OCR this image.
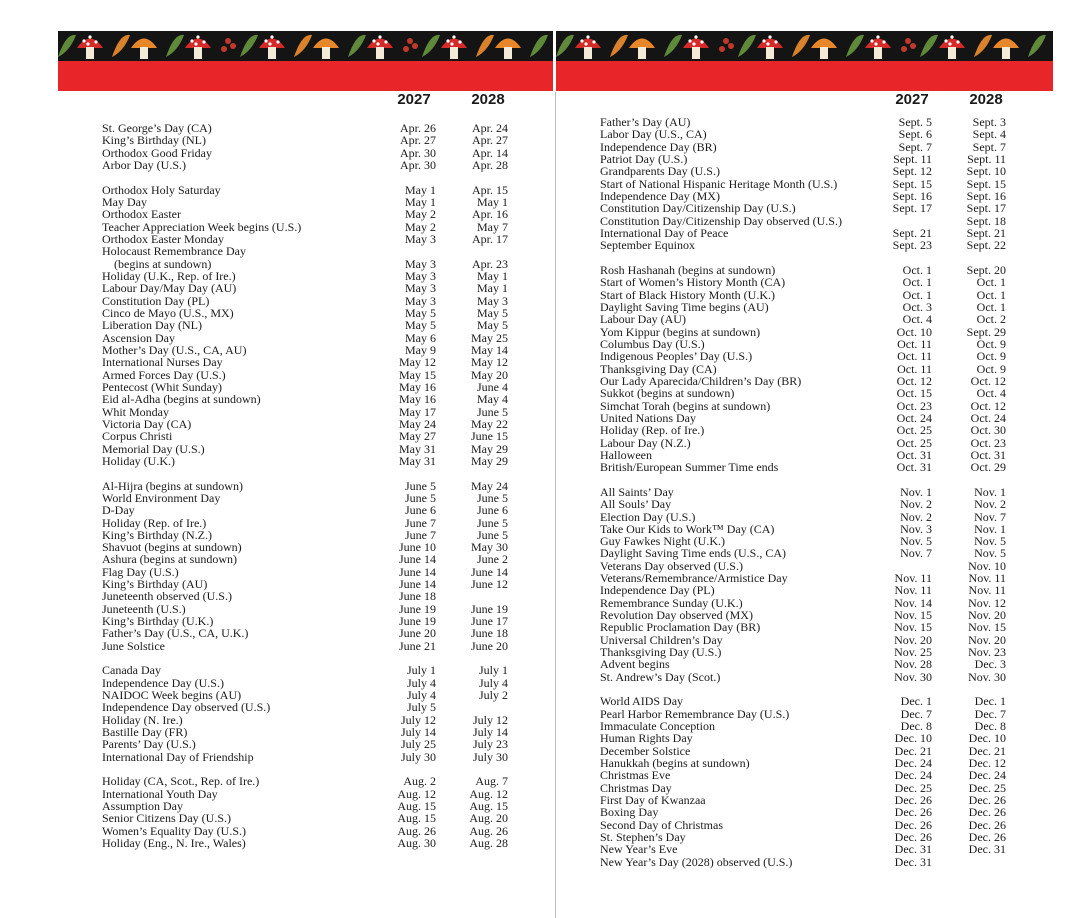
2027	2028
St. George’s Day (CA)	Apr. 26	Apr. 24
King’s Birthday (NL)	Apr. 27	Apr. 27
Orthodox Good Friday	Apr. 30	Apr. 14
Arbor Day (U.S.)	Apr. 30	Apr. 28
Orthodox Holy Saturday	May 1	Apr. 15
May Day	May 1	May 1
Orthodox Easter	May 2	Apr. 16
Teacher Appreciation Week begins (U.S.)	May 2	May 7
Orthodox Easter Monday	May 3	Apr. 17
Holocaust Remembrance Day
(begins at sundown)	May 3	Apr. 23
Holiday (U.K., Rep. of Ire.)	May 3	May 1
Labour Day/May Day (AU)	May 3	May 1
Constitution Day (PL)	May 3	May 3
Cinco de Mayo (U.S., MX)	May 5	May 5
Liberation Day (NL)	May 5	May 5
Ascension Day	May 6	May 25
Mother’s Day (U.S., CA, AU)	May 9	May 14
International Nurses Day	May 12	May 12
Armed Forces Day (U.S.)	May 15	May 20
Pentecost (Whit Sunday)	May 16	June 4
Eid al-Adha (begins at sundown)	May 16	May 4
Whit Monday	May 17	June 5
Victoria Day (CA)	May 24	May 22
Corpus Christi	May 27	June 15
Memorial Day (U.S.)	May 31	May 29
Holiday (U.K.)	May 31	May 29
Al-Hijra (begins at sundown)	June 5	May 24
World Environment Day	June 5	June 5
D-Day	June 6	June 6
Holiday (Rep. of Ire.)	June 7	June 5
King’s Birthday (N.Z.)	June 7	June 5
Shavuot (begins at sundown)	June 10	May 30
Ashura (begins at sundown)	June 14	June 2
Flag Day (U.S.)	June 14	June 14
King’s Birthday (AU)	June 14	June 12
Juneteenth observed (U.S.)	June 18
Juneteenth (U.S.)	June 19	June 19
King’s Birthday (U.K.)	June 19	June 17
Father’s Day (U.S., CA, U.K.)	June 20	June 18
June Solstice	June 21	June 20
Canada Day	July 1	July 1
Independence Day (U.S.)	July 4	July 4
NAIDOC Week begins (AU)	July 4	July 2
Independence Day observed (U.S.)	July 5
Holiday (N. Ire.)	July 12	July 12
Bastille Day (FR)	July 14	July 14
Parents’ Day (U.S.)	July 25	July 23
International Day of Friendship	July 30	July 30
Holiday (CA, Scot., Rep. of Ire.)	Aug. 2	Aug. 7
International Youth Day	Aug. 12	Aug. 12
Assumption Day	Aug. 15	Aug. 15
Senior Citizens Day (U.S.)	Aug. 15	Aug. 20
Women’s Equality Day (U.S.)	Aug. 26	Aug. 26
Holiday (Eng., N. Ire., Wales)	Aug. 30	Aug. 28
2027	2028
Father’s Day (AU)	Sept. 5	Sept. 3
Labor Day (U.S., CA)	Sept. 6	Sept. 4
Independence Day (BR)	Sept. 7	Sept. 7
Patriot Day (U.S.)	Sept. 11	Sept. 11
Grandparents Day (U.S.)	Sept. 12	Sept. 10
Start of National Hispanic Heritage Month (U.S.)	Sept. 15	Sept. 15
Independence Day (MX)	Sept. 16	Sept. 16
Constitution Day/Citizenship Day (U.S.)	Sept. 17	Sept. 17
Constitution Day/Citizenship Day observed (U.S.)	Sept. 18
International Day of Peace	Sept. 21	Sept. 21
September Equinox	Sept. 23	Sept. 22
Rosh Hashanah (begins at sundown)	Oct. 1	Sept. 20
Start of Women’s History Month (CA)	Oct. 1	Oct. 1
Start of Black History Month (U.K.)	Oct. 1	Oct. 1
Daylight Saving Time begins (AU)	Oct. 3	Oct. 1
Labour Day (AU)	Oct. 4	Oct. 2
Yom Kippur (begins at sundown)	Oct. 10	Sept. 29
Columbus Day (U.S.)	Oct. 11	Oct. 9
Indigenous Peoples’ Day (U.S.)	Oct. 11	Oct. 9
Thanksgiving Day (CA)	Oct. 11	Oct. 9
Our Lady Aparecida/Children’s Day (BR)	Oct. 12	Oct. 12
Sukkot (begins at sundown)	Oct. 15	Oct. 4
Simchat Torah (begins at sundown)	Oct. 23	Oct. 12
United Nations Day	Oct. 24	Oct. 24
Holiday (Rep. of Ire.)	Oct. 25	Oct. 30
Labour Day (N.Z.)	Oct. 25	Oct. 23
Halloween	Oct. 31	Oct. 31
British/European Summer Time ends	Oct. 31	Oct. 29
All Saints’ Day	Nov. 1	Nov. 1
All Souls’ Day	Nov. 2	Nov. 2
Election Day (U.S.)	Nov. 2	Nov. 7
Take Our Kids to Work™ Day (CA)	Nov. 3	Nov. 1
Guy Fawkes Night (U.K.)	Nov. 5	Nov. 5
Daylight Saving Time ends (U.S., CA)	Nov. 7	Nov. 5
Veterans Day observed (U.S.)	Nov. 10
Veterans/Remembrance/Armistice Day	Nov. 11	Nov. 11
Independence Day (PL)	Nov. 11	Nov. 11
Remembrance Sunday (U.K.)	Nov. 14	Nov. 12
Revolution Day observed (MX)	Nov. 15	Nov. 20
Republic Proclamation Day (BR)	Nov. 15	Nov. 15
Universal Children’s Day	Nov. 20	Nov. 20
Thanksgiving Day (U.S.)	Nov. 25	Nov. 23
Advent begins	Nov. 28	Dec. 3
St. Andrew’s Day (Scot.)	Nov. 30	Nov. 30
World AIDS Day	Dec. 1	Dec. 1
Pearl Harbor Remembrance Day (U.S.)	Dec. 7	Dec. 7
Immaculate Conception	Dec. 8	Dec. 8
Human Rights Day	Dec. 10	Dec. 10
December Solstice	Dec. 21	Dec. 21
Hanukkah (begins at sundown)	Dec. 24	Dec. 12
Christmas Eve	Dec. 24	Dec. 24
Christmas Day	Dec. 25	Dec. 25
First Day of Kwanzaa	Dec. 26	Dec. 26
Boxing Day	Dec. 26	Dec. 26
Second Day of Christmas	Dec. 26	Dec. 26
St. Stephen’s Day	Dec. 26	Dec. 26
New Year’s Eve	Dec. 31	Dec. 31
New Year’s Day (2028) observed (U.S.)	Dec. 31
